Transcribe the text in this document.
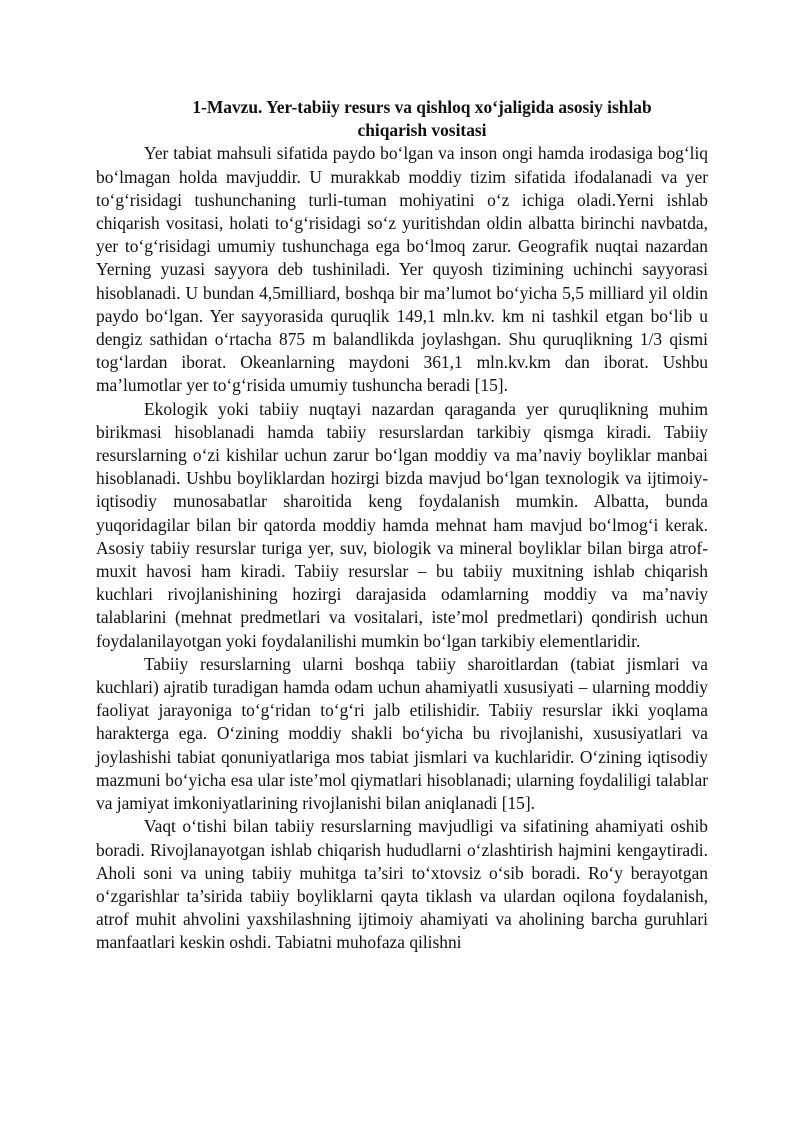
1-Mavzu. Yer-tabiiy resurs va qishloq xo‘jaligida asosiy ishlab
chiqarish vositasi

Yer tabiat mahsuli sifatida paydo bo‘lgan va inson ongi hamda irodasiga bog‘liq bo‘lmagan holda mavjuddir. U murakkab moddiy tizim sifatida ifodalanadi va yer to‘g‘risidagi tushunchaning turli-tuman mohiyatini o‘z ichiga oladi.Yerni ishlab chiqarish vositasi, holati to‘g‘risidagi so‘z yuritishdan oldin albatta birinchi navbatda, yer to‘g‘risidagi umumiy tushunchaga ega bo‘lmoq zarur. Geografik nuqtai nazardan Yerning yuzasi sayyora deb tushiniladi. Yer quyosh tizimining uchinchi sayyorasi hisoblanadi. U bundan 4,5milliard, boshqa bir ma’lumot bo‘yicha 5,5 milliard yil oldin paydo bo‘lgan. Yer sayyorasida quruqlik 149,1 mln.kv. km ni tashkil etgan bo‘lib u dengiz sathidan o‘rtacha 875 m balandlikda joylashgan. Shu quruqlikning 1/3 qismi tog‘lardan iborat. Okeanlarning maydoni 361,1 mln.kv.km dan iborat. Ushbu ma’lumotlar yer to‘g‘risida umumiy tushuncha beradi [15].

Ekologik yoki tabiiy nuqtayi nazardan qaraganda yer quruqlikning muhim birikmasi hisoblanadi hamda tabiiy resurslardan tarkibiy qismga kiradi. Tabiiy resurslarning o‘zi kishilar uchun zarur bo‘lgan moddiy va ma’naviy boyliklar manbai hisoblanadi. Ushbu boyliklardan hozirgi bizda mavjud bo‘lgan texnologik va ijtimoiy-iqtisodiy munosabatlar sharoitida keng foydalanish mumkin. Albatta, bunda yuqoridagilar bilan bir qatorda moddiy hamda mehnat ham mavjud bo‘lmog‘i kerak. Asosiy tabiiy resurslar turiga yer, suv, biologik va mineral boyliklar bilan birga atrof-muxit havosi ham kiradi. Tabiiy resurslar – bu tabiiy muxitning ishlab chiqarish kuchlari rivojlanishining hozirgi darajasida odamlarning moddiy va ma’naviy talablarini (mehnat predmetlari va vositalari, iste’mol predmetlari) qondirish uchun foydalanilayotgan yoki foydalanilishi mumkin bo‘lgan tarkibiy elementlaridir.

Tabiiy resurslarning ularni boshqa tabiiy sharoitlardan (tabiat jismlari va kuchlari) ajratib turadigan hamda odam uchun ahamiyatli xususiyati – ularning moddiy faoliyat jarayoniga to‘g‘ridan to‘g‘ri jalb etilishidir. Tabiiy resurslar ikki yoqlama harakterga ega. O‘zining moddiy shakli bo‘yicha bu rivojlanishi, xususiyatlari va joylashishi tabiat qonuniyatlariga mos tabiat jismlari va kuchlaridir. O‘zining iqtisodiy mazmuni bo‘yicha esa ular iste’mol qiymatlari hisoblanadi; ularning foydaliligi talablar va jamiyat imkoniyatlarining rivojlanishi bilan aniqlanadi [15].

Vaqt o‘tishi bilan tabiiy resurslarning mavjudligi va sifatining ahamiyati oshib boradi. Rivojlanayotgan ishlab chiqarish hududlarni o‘zlashtirish hajmini kengaytiradi. Aholi soni va uning tabiiy muhitga ta’siri to‘xtovsiz o‘sib boradi. Ro‘y berayotgan o‘zgarishlar ta’sirida tabiiy boyliklarni qayta tiklash va ulardan oqilona foydalanish, atrof muhit ahvolini yaxshilashning ijtimoiy ahamiyati va aholining barcha guruhlari manfaatlari keskin oshdi. Tabiatni muhofaza qilishni
